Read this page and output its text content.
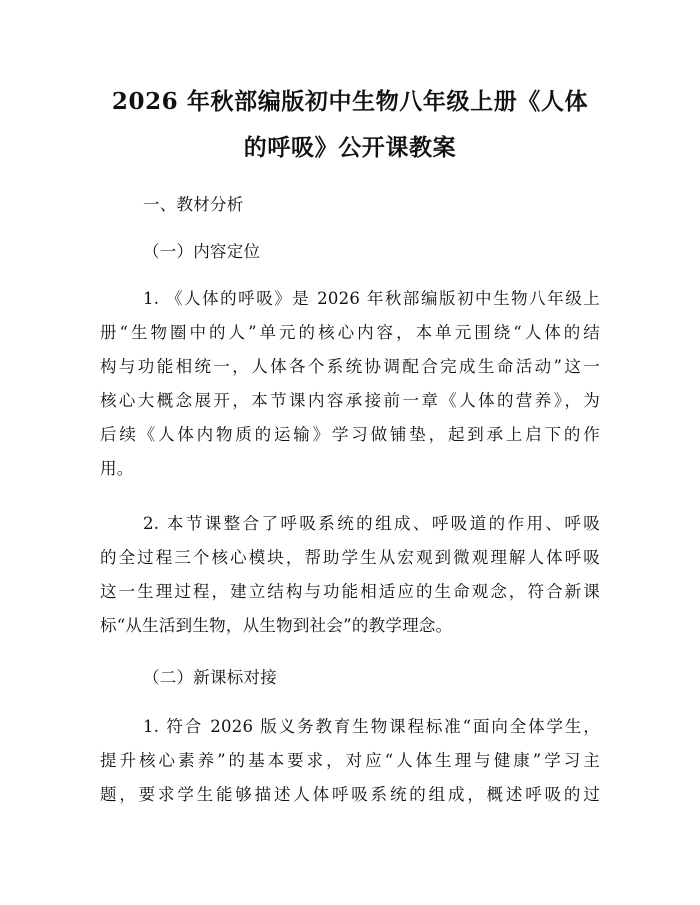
2026 年秋部编版初中生物八年级上册《人体
的呼吸》公开课教案
一、教材分析
（一）内容定位
1. 《人体的呼吸》是 2026 年秋部编版初中生物八年级上
册“生物圈中的人”单元的核心内容，本单元围绕“人体的结
构与功能相统一，人体各个系统协调配合完成生命活动”这一
核心大概念展开，本节课内容承接前一章《人体的营养》，为
后续《人体内物质的运输》学习做铺垫，起到承上启下的作
用。
2. 本节课整合了呼吸系统的组成、呼吸道的作用、呼吸
的全过程三个核心模块，帮助学生从宏观到微观理解人体呼吸
这一生理过程，建立结构与功能相适应的生命观念，符合新课
标“从生活到生物，从生物到社会”的教学理念。
（二）新课标对接
1. 符合 2026 版义务教育生物课程标准“面向全体学生，
提升核心素养”的基本要求，对应“人体生理与健康”学习主
题，要求学生能够描述人体呼吸系统的组成，概述呼吸的过
